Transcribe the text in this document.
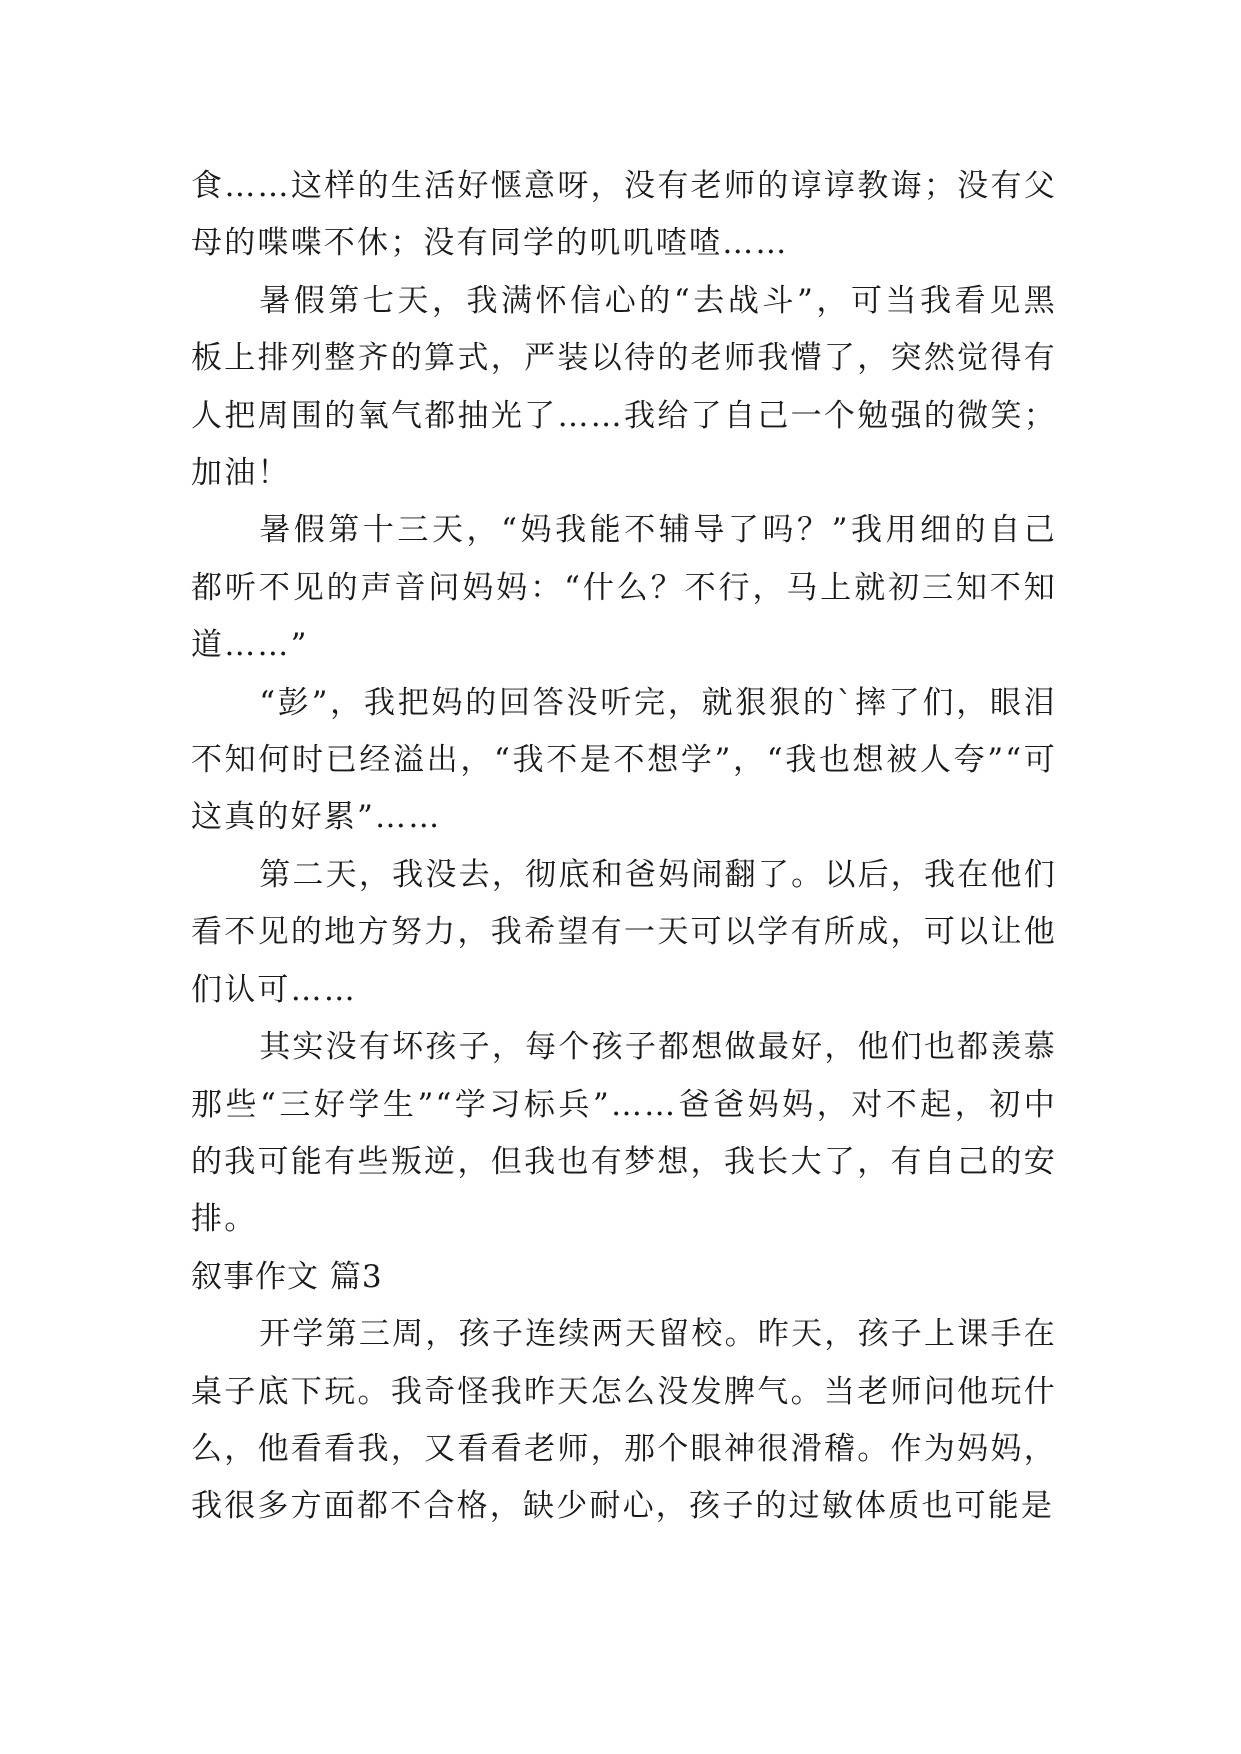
食……这样的生活好惬意呀，没有老师的谆谆教诲；没有父母的喋喋不休；没有同学的叽叽喳喳……

暑假第七天，我满怀信心的“去战斗”，可当我看见黑板上排列整齐的算式，严装以待的老师我懵了，突然觉得有人把周围的氧气都抽光了……我给了自己一个勉强的微笑；加油！

暑假第十三天，“妈我能不辅导了吗？”我用细的自己都听不见的声音问妈妈：“什么？不行，马上就初三知不知道……”

“彭”，我把妈的回答没听完，就狠狠的`摔了们，眼泪不知何时已经溢出，“我不是不想学”，“我也想被人夸”“可这真的好累”……

第二天，我没去，彻底和爸妈闹翻了。以后，我在他们看不见的地方努力，我希望有一天可以学有所成，可以让他们认可……

其实没有坏孩子，每个孩子都想做最好，他们也都羡慕那些“三好学生”“学习标兵”……爸爸妈妈，对不起，初中的我可能有些叛逆，但我也有梦想，我长大了，有自己的安排。

叙事作文 篇3

开学第三周，孩子连续两天留校。昨天，孩子上课手在桌子底下玩。我奇怪我昨天怎么没发脾气。当老师问他玩什么，他看看我，又看看老师，那个眼神很滑稽。作为妈妈，我很多方面都不合格，缺少耐心，孩子的过敏体质也可能是
